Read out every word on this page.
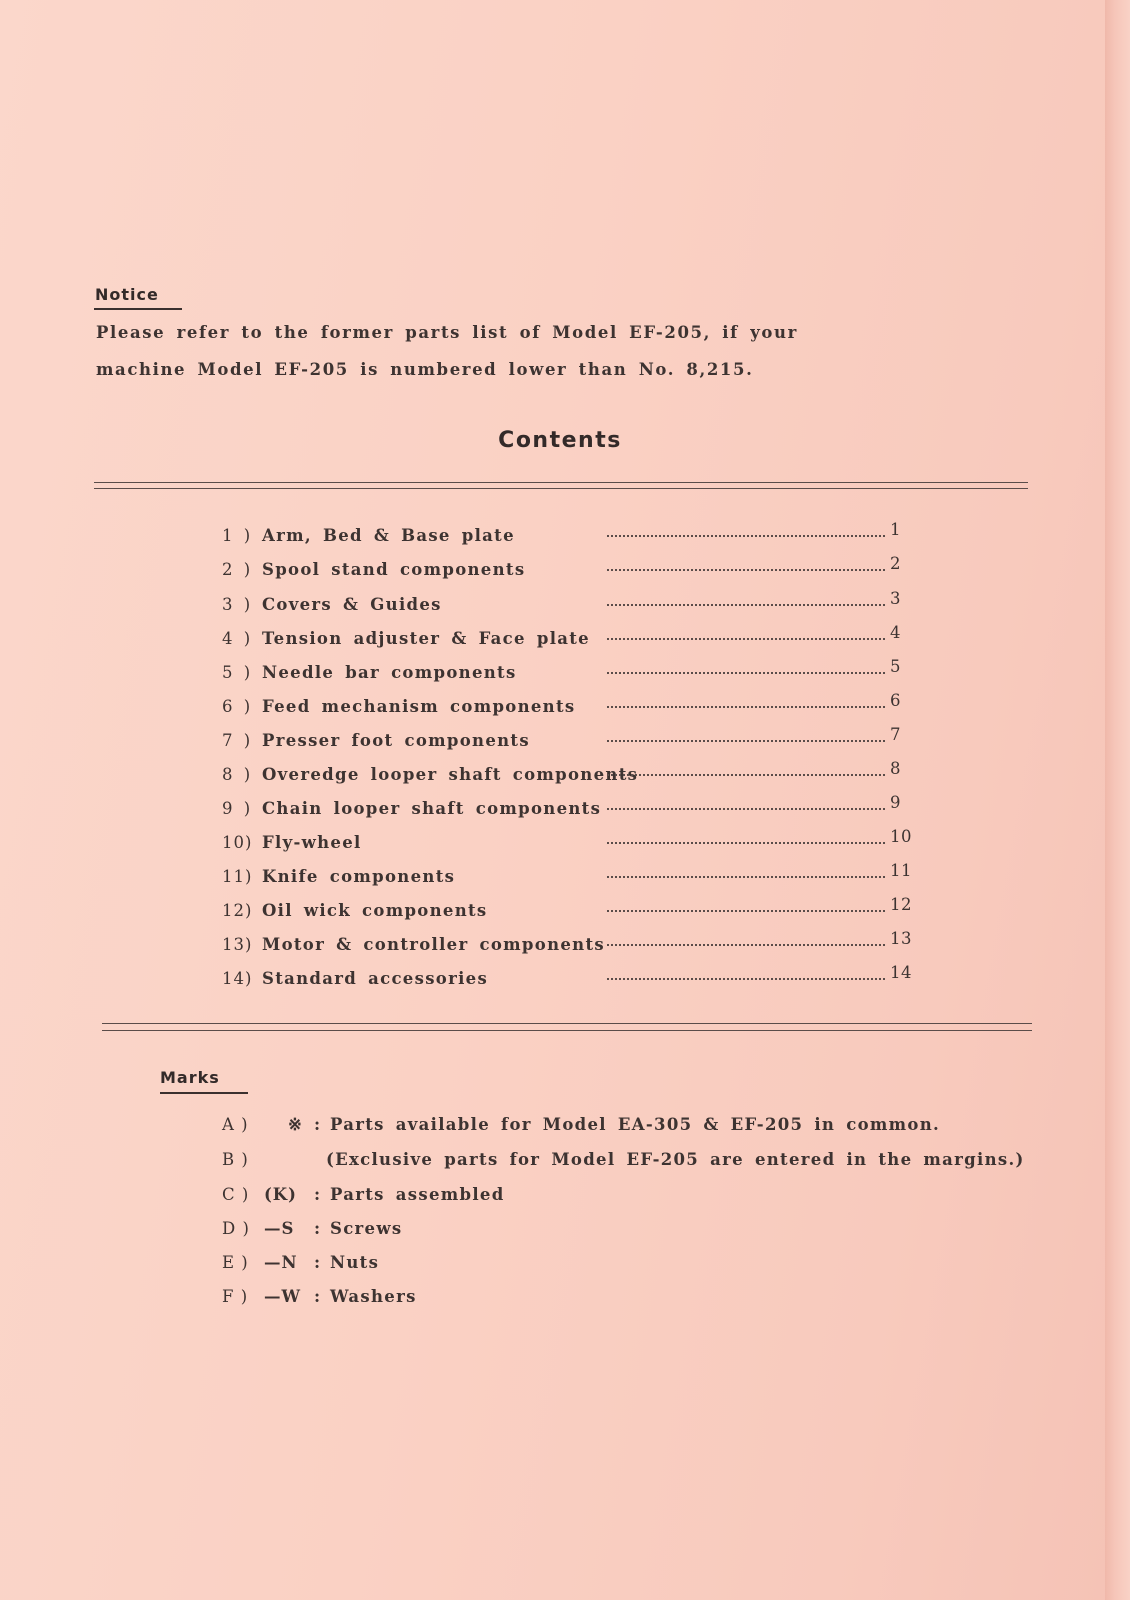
Notice
Please refer to the former parts list of Model EF-205, if your
machine Model EF-205 is numbered lower than No. 8,215.
Contents
1 ) Arm, Bed & Base plate	1
2 ) Spool stand components	2
3 ) Covers & Guides	3
4 ) Tension adjuster & Face plate	4
5 ) Needle bar components	5
6 ) Feed mechanism components	6
7 ) Presser foot components	7
8 ) Overedge looper shaft components	8
9 ) Chain looper shaft components	9
10) Fly-wheel	10
11) Knife components	11
12) Oil wick components	12
13) Motor & controller components	13
14) Standard accessories	14
Marks
A ) ※ : Parts available for Model EA-305 & EF-205 in common.
B )	(Exclusive parts for Model EF-205 are entered in the margins.)
C ) (K) : Parts assembled
D ) —S : Screws
E ) —N : Nuts
F ) —W : Washers
